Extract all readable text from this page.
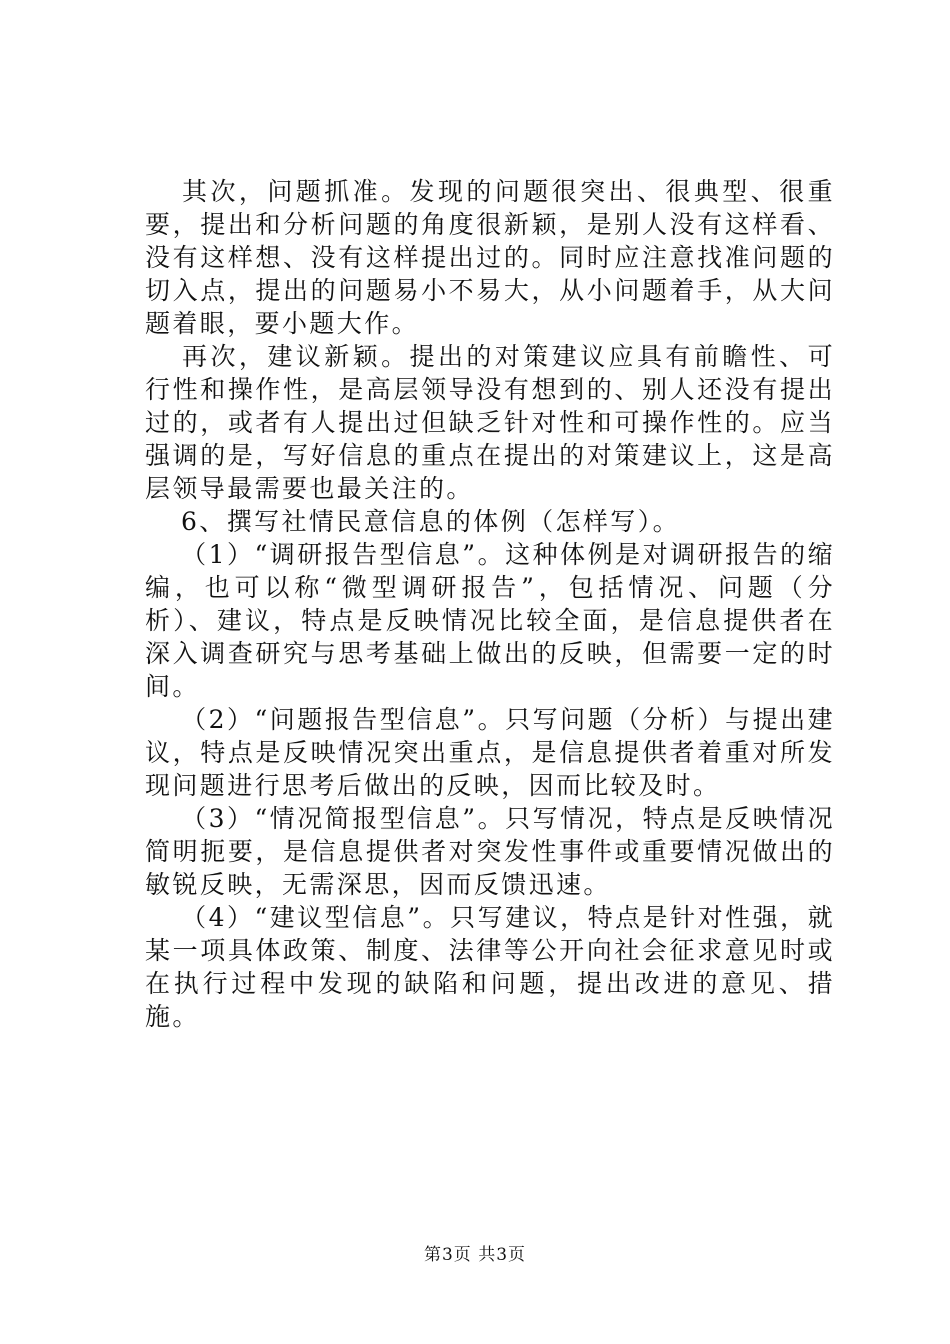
其次，问题抓准。发现的问题很突出、很典型、很重要，提出和分析问题的角度很新颖，是别人没有这样看、没有这样想、没有这样提出过的。同时应注意找准问题的切入点，提出的问题易小不易大，从小问题着手，从大问题着眼，要小题大作。

再次，建议新颖。提出的对策建议应具有前瞻性、可行性和操作性，是高层领导没有想到的、别人还没有提出过的，或者有人提出过但缺乏针对性和可操作性的。应当强调的是，写好信息的重点在提出的对策建议上，这是高层领导最需要也最关注的。

6、撰写社情民意信息的体例（怎样写）。

（1）“调研报告型信息”。这种体例是对调研报告的缩编，也可以称“微型调研报告”，包括情况、问题（分析）、建议，特点是反映情况比较全面，是信息提供者在深入调查研究与思考基础上做出的反映，但需要一定的时间。

（2）“问题报告型信息”。只写问题（分析）与提出建议，特点是反映情况突出重点，是信息提供者着重对所发现问题进行思考后做出的反映，因而比较及时。

（3）“情况简报型信息”。只写情况，特点是反映情况简明扼要，是信息提供者对突发性事件或重要情况做出的敏锐反映，无需深思，因而反馈迅速。

（4）“建议型信息”。只写建议，特点是针对性强，就某一项具体政策、制度、法律等公开向社会征求意见时或在执行过程中发现的缺陷和问题，提出改进的意见、措施。

第3页 共3页
